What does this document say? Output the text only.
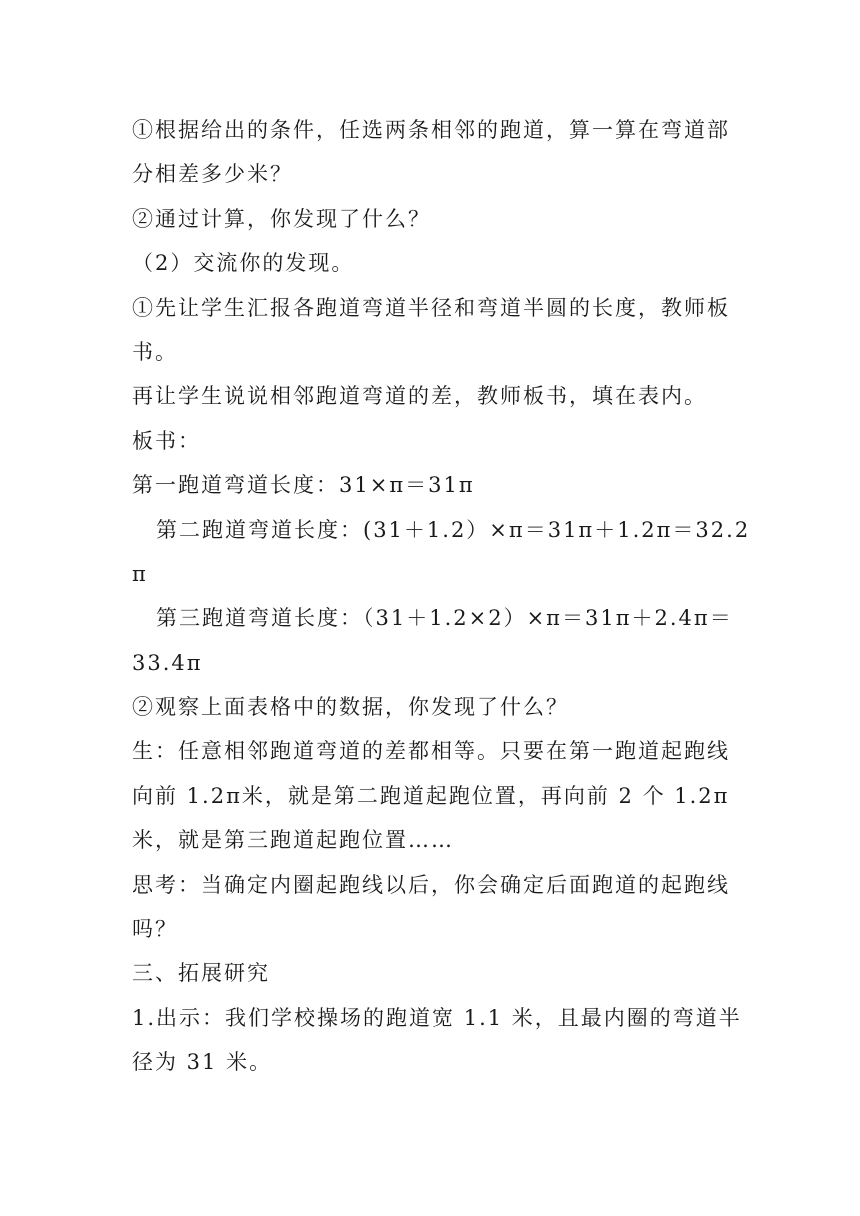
①根据给出的条件，任选两条相邻的跑道，算一算在弯道部
分相差多少米？
②通过计算，你发现了什么？
（2）交流你的发现。
①先让学生汇报各跑道弯道半径和弯道半圆的长度，教师板
书。
再让学生说说相邻跑道弯道的差，教师板书，填在表内。
板书：
第一跑道弯道长度：31×π＝31π
第二跑道弯道长度：(31＋1.2）×π＝31π＋1.2π＝32.2
π
第三跑道弯道长度：（31＋1.2×2）×π＝31π＋2.4π＝
33.4π
②观察上面表格中的数据，你发现了什么？
生：任意相邻跑道弯道的差都相等。只要在第一跑道起跑线
向前 1.2π米，就是第二跑道起跑位置，再向前 2 个 1.2π
米，就是第三跑道起跑位置……
思考：当确定内圈起跑线以后，你会确定后面跑道的起跑线
吗？
三、拓展研究
1.出示：我们学校操场的跑道宽 1.1 米，且最内圈的弯道半
径为 31 米。
